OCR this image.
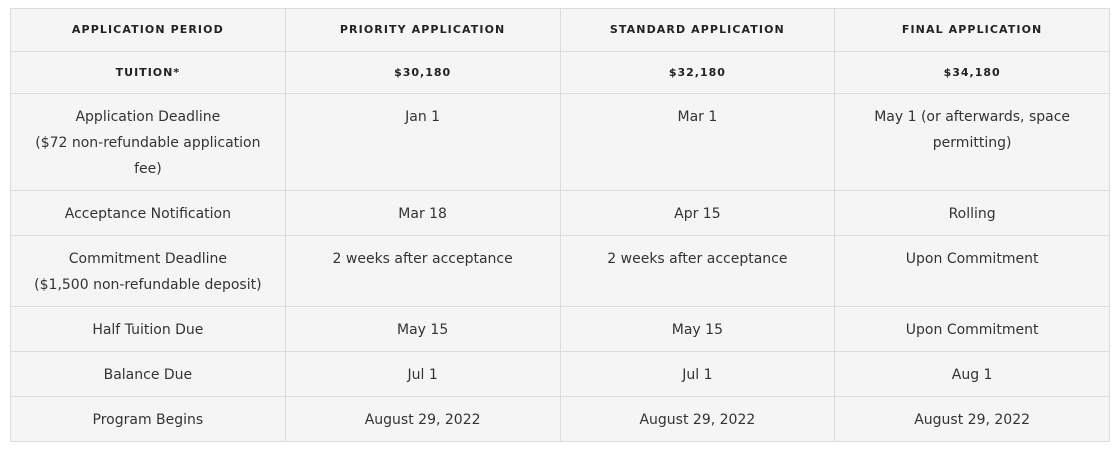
APPLICATION PERIOD	PRIORITY APPLICATION	STANDARD APPLICATION	FINAL APPLICATION
TUITION*	$30,180	$32,180	$34,180

Application Deadline
($72 non-refundable application fee)	Jan 1	Mar 1	May 1 (or afterwards, space permitting)

Acceptance Notification	Mar 18	Apr 15	Rolling

Commitment Deadline
($1,500 non-refundable deposit)	2 weeks after acceptance	2 weeks after acceptance	Upon Commitment

Half Tuition Due	May 15	May 15	Upon Commitment

Balance Due	Jul 1	Jul 1	Aug 1

Program Begins	August 29, 2022	August 29, 2022	August 29, 2022
